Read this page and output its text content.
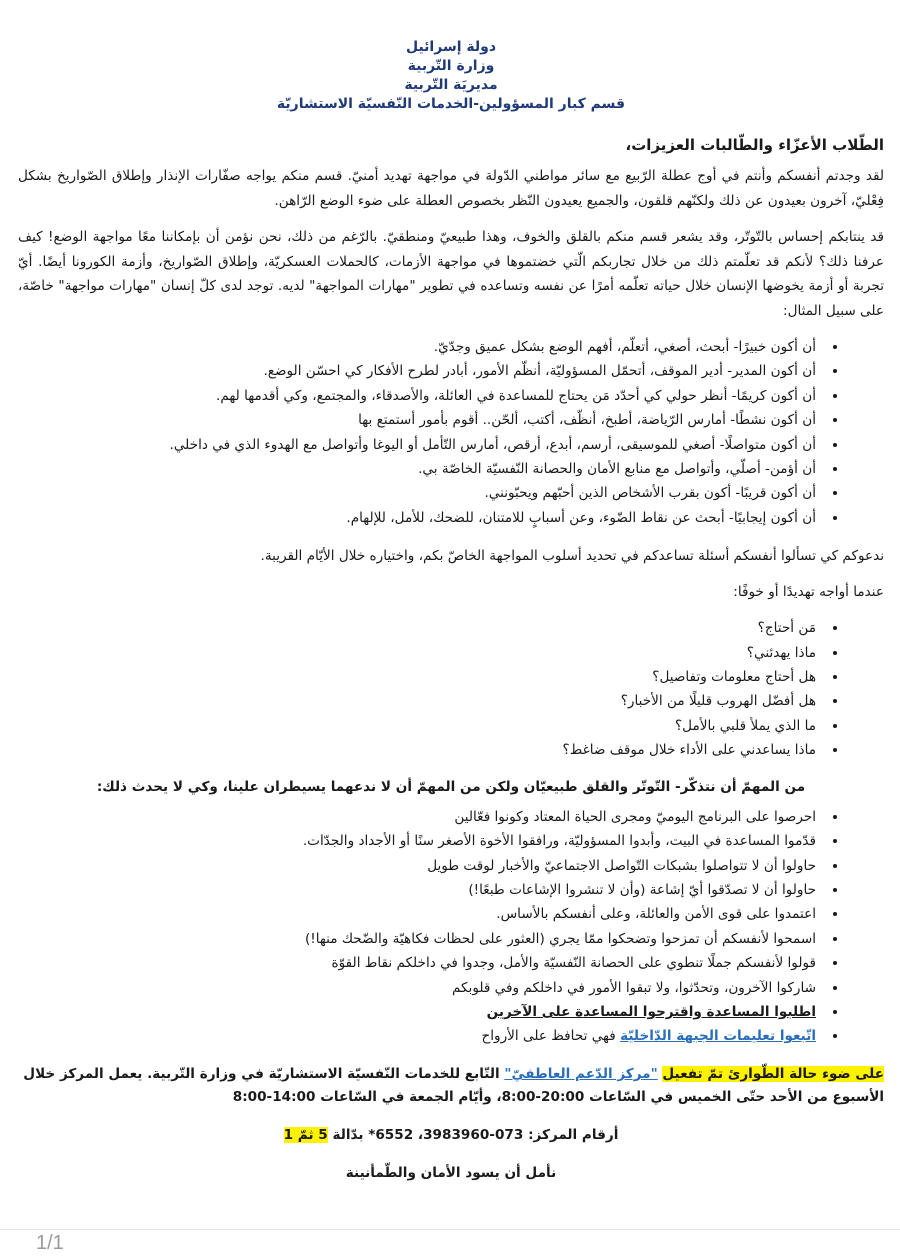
دولة إسرائيل
وزارة التّربية
مديريَة التّربية
قسم كبار المسؤولين-الخدمات النّفسيّة الاستشاريّة
الطّلاب الأعزّاء والطّالبات العزيزات،

لقد وجدتم أنفسكم وأنتم في أوج عطلة الرّبيع مع سائر مواطني الدّولة في مواجهة تهديد أمنيّ. قسم منكم يواجه صفّارات الإنذار وإطلاق الصّواريخ بشكل فِعْليّ، آخرون بعيدون عن ذلك ولكنّهم قلقون، والجميع يعيدون النّظر بخصوص العطلة على ضوء الوضع الرّاهن.

قد ينتابكم إحساس بالتّوتّر، وقد يشعر قسم منكم بالقلق والخوف، وهذا طبيعيّ ومنطقيّ. بالرّغم من ذلك، نحن نؤمن أن بإمكاننا معًا مواجهة الوضع! كيف عرفنا ذلك؟ لأنكم قد تعلّمتم ذلك من خلال تجاربكم الّتي خضتموها في مواجهة الأزمات، كالحملات العسكريّة، وإطلاق الصّواريخ، وأزمة الكورونا أيضًا. أيّ تجربة أو أزمة يخوضها الإنسان خلال حياته تعلّمه أمرًا عن نفسه وتساعده في تطوير "مهارات المواجهة" لديه. توجد لدى كلّ إنسان "مهارات مواجهة" خاصّة، على سبيل المثال:

• أن أكون خبيرًا- أبحث، أصغي، أتعلّم، أفهم الوضع بشكل عميق وجدّيّ.
• أن أكون المدير- أدير الموقف، أتحمّل المسؤوليّة، أنظّم الأمور، أبادر لطرح الأفكار كي احسّن الوضع.
• أن أكون كريمًا- أنظر حولي كي أحدّد مَن يحتاج للمساعدة في العائلة، والأصدقاء، والمجتمع، وكي أقدمها لهم.
• أن أكون نشطًا- أمارس الرّياضة، أطبخ، أنظّف، أكتب، ألحّن.. أقوم بأمور أستمتع بها
• أن أكون متواصلًا- أصغي للموسيقى، أرسم، أبدع، أرقص، أمارس التّأمل أو اليوغا وأتواصل مع الهدوء الذي في داخلي.
• أن أؤمن- أصلّي، وأتواصل مع منابع الأمان والحصانة النّفسيّة الخاصّة بي.
• أن أكون قريبًا- أكون بقرب الأشخاص الذين أحبّهم ويحبّونني.
• أن أكون إيجابيًا- أبحث عن نقاط الضّوء، وعن أسبابٍ للامتنان، للضحك، للأمل، للإلهام.
ندعوكم كي تسألوا أنفسكم أسئلة تساعدكم في تحديد أسلوب المواجهة الخاصّ بكم، واختياره خلال الأيّام القريبة.
عندما أواجه تهديدًا أو خوفًا:
• مَن أحتاج؟
• ماذا يهدئني؟
• هل أحتاج معلومات وتفاصيل؟
• هل أفضّل الهروب قليلًا من الأخبار؟
• ما الذي يملأ قلبي بالأمل؟
• ماذا يساعدني على الأداء خلال موقف ضاغط؟
من المهمّ أن نتذكّر- التّوتّر والقلق طبيعيّان ولكن من المهمّ أن لا ندعهما يسيطران علينا، وكي لا يحدث ذلك:
• احرصوا على البرنامج اليوميّ ومجرى الحياة المعتاد وكونوا فعّالين
• قدّموا المساعدة في البيت، وأبدوا المسؤوليّة، ورافقوا الأخوة الأصغر سنًا أو الأجداد والجدّات.
• حاولوا أن لا تتواصلوا بشبكات التّواصل الاجتماعيّ والأخبار لوقت طويل
• حاولوا أن لا تصدّقوا أيّ إشاعة (وأن لا تنشروا الإشاعات طبعًا!)
• اعتمدوا على قوى الأمن والعائلة، وعلى أنفسكم بالأساس.
• اسمحوا لأنفسكم أن تمزحوا وتضحكوا ممّا يجري (العثور على لحظات فكاهيّة والضّحك منها!)
• قولوا لأنفسكم جملًا تنطوي على الحصانة النّفسيّة والأمل، وجدوا في داخلكم نقاط القوّة
• شاركوا الآخرون، وتحدّثوا، ولا تبقوا الأمور في داخلكم وفي قلوبكم
• اطلبوا المساعدة واقترحوا المساعدة على الآخرين
• اتّبعوا تعليمات الجبهة الدّاخليّة فهي تحافظ على الأرواح
على ضوء حالة الطّوارئ تمّ تفعيل "مركز الدّعم العاطفيّ" التّابع للخدمات النّفسيّة الاستشاريّة في وزارة التّربية. يعمل المركز خلال الأسبوع من الأحد حتّى الخميس في السّاعات 8:00-20:00، وأيّام الجمعة في السّاعات 8:00-14:00
أرقام المركز: 073-3983960، 6552* بدّالة 5 ثمّ 1
نأمل أن يسود الأمان والطّمأنينة
1/1
